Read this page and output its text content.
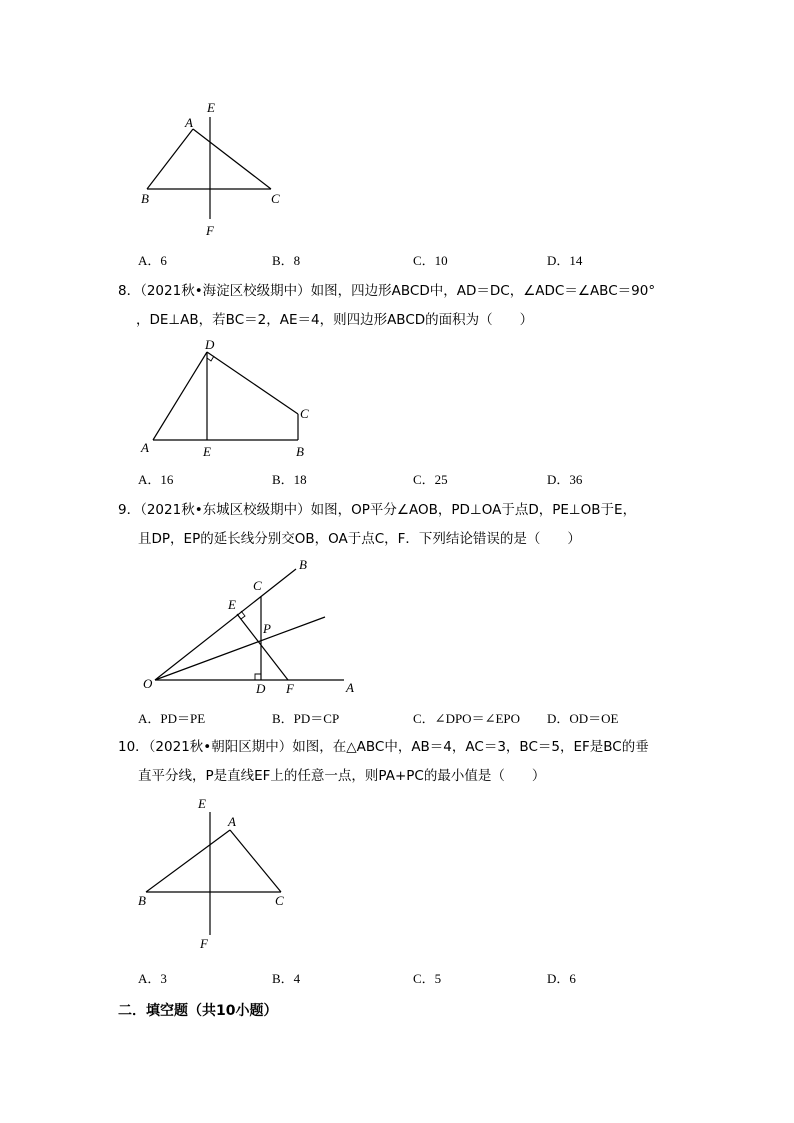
E
A
B	C
F
A．6	B．8	C．10	D．14
8．（2021秋•海淀区校级期中）如图，四边形ABCD中，AD＝DC，∠ADC＝∠ABC＝90°
，DE⊥AB，若BC＝2，AE＝4，则四边形ABCD的面积为（　　）
D
C
A	E	B
A．16	B．18	C．25	D．36
9．（2021秋•东城区校级期中）如图，OP平分∠AOB，PD⊥OA于点D，PE⊥OB于E，
且DP，EP的延长线分别交OB，OA于点C，F．下列结论错误的是（　　）
B
C
E
P
O	D F	A
A．PD＝PE	B．PD＝CP	C．∠DPO＝∠EPO D．OD＝OE
10．（2021秋•朝阳区期中）如图，在△ABC中，AB＝4，AC＝3，BC＝5，EF是BC的垂
直平分线，P是直线EF上的任意一点，则PA+PC的最小值是（　　）
E
A
B	C
F
A．3	B．4	C．5	D．6
二．填空题（共10小题）
